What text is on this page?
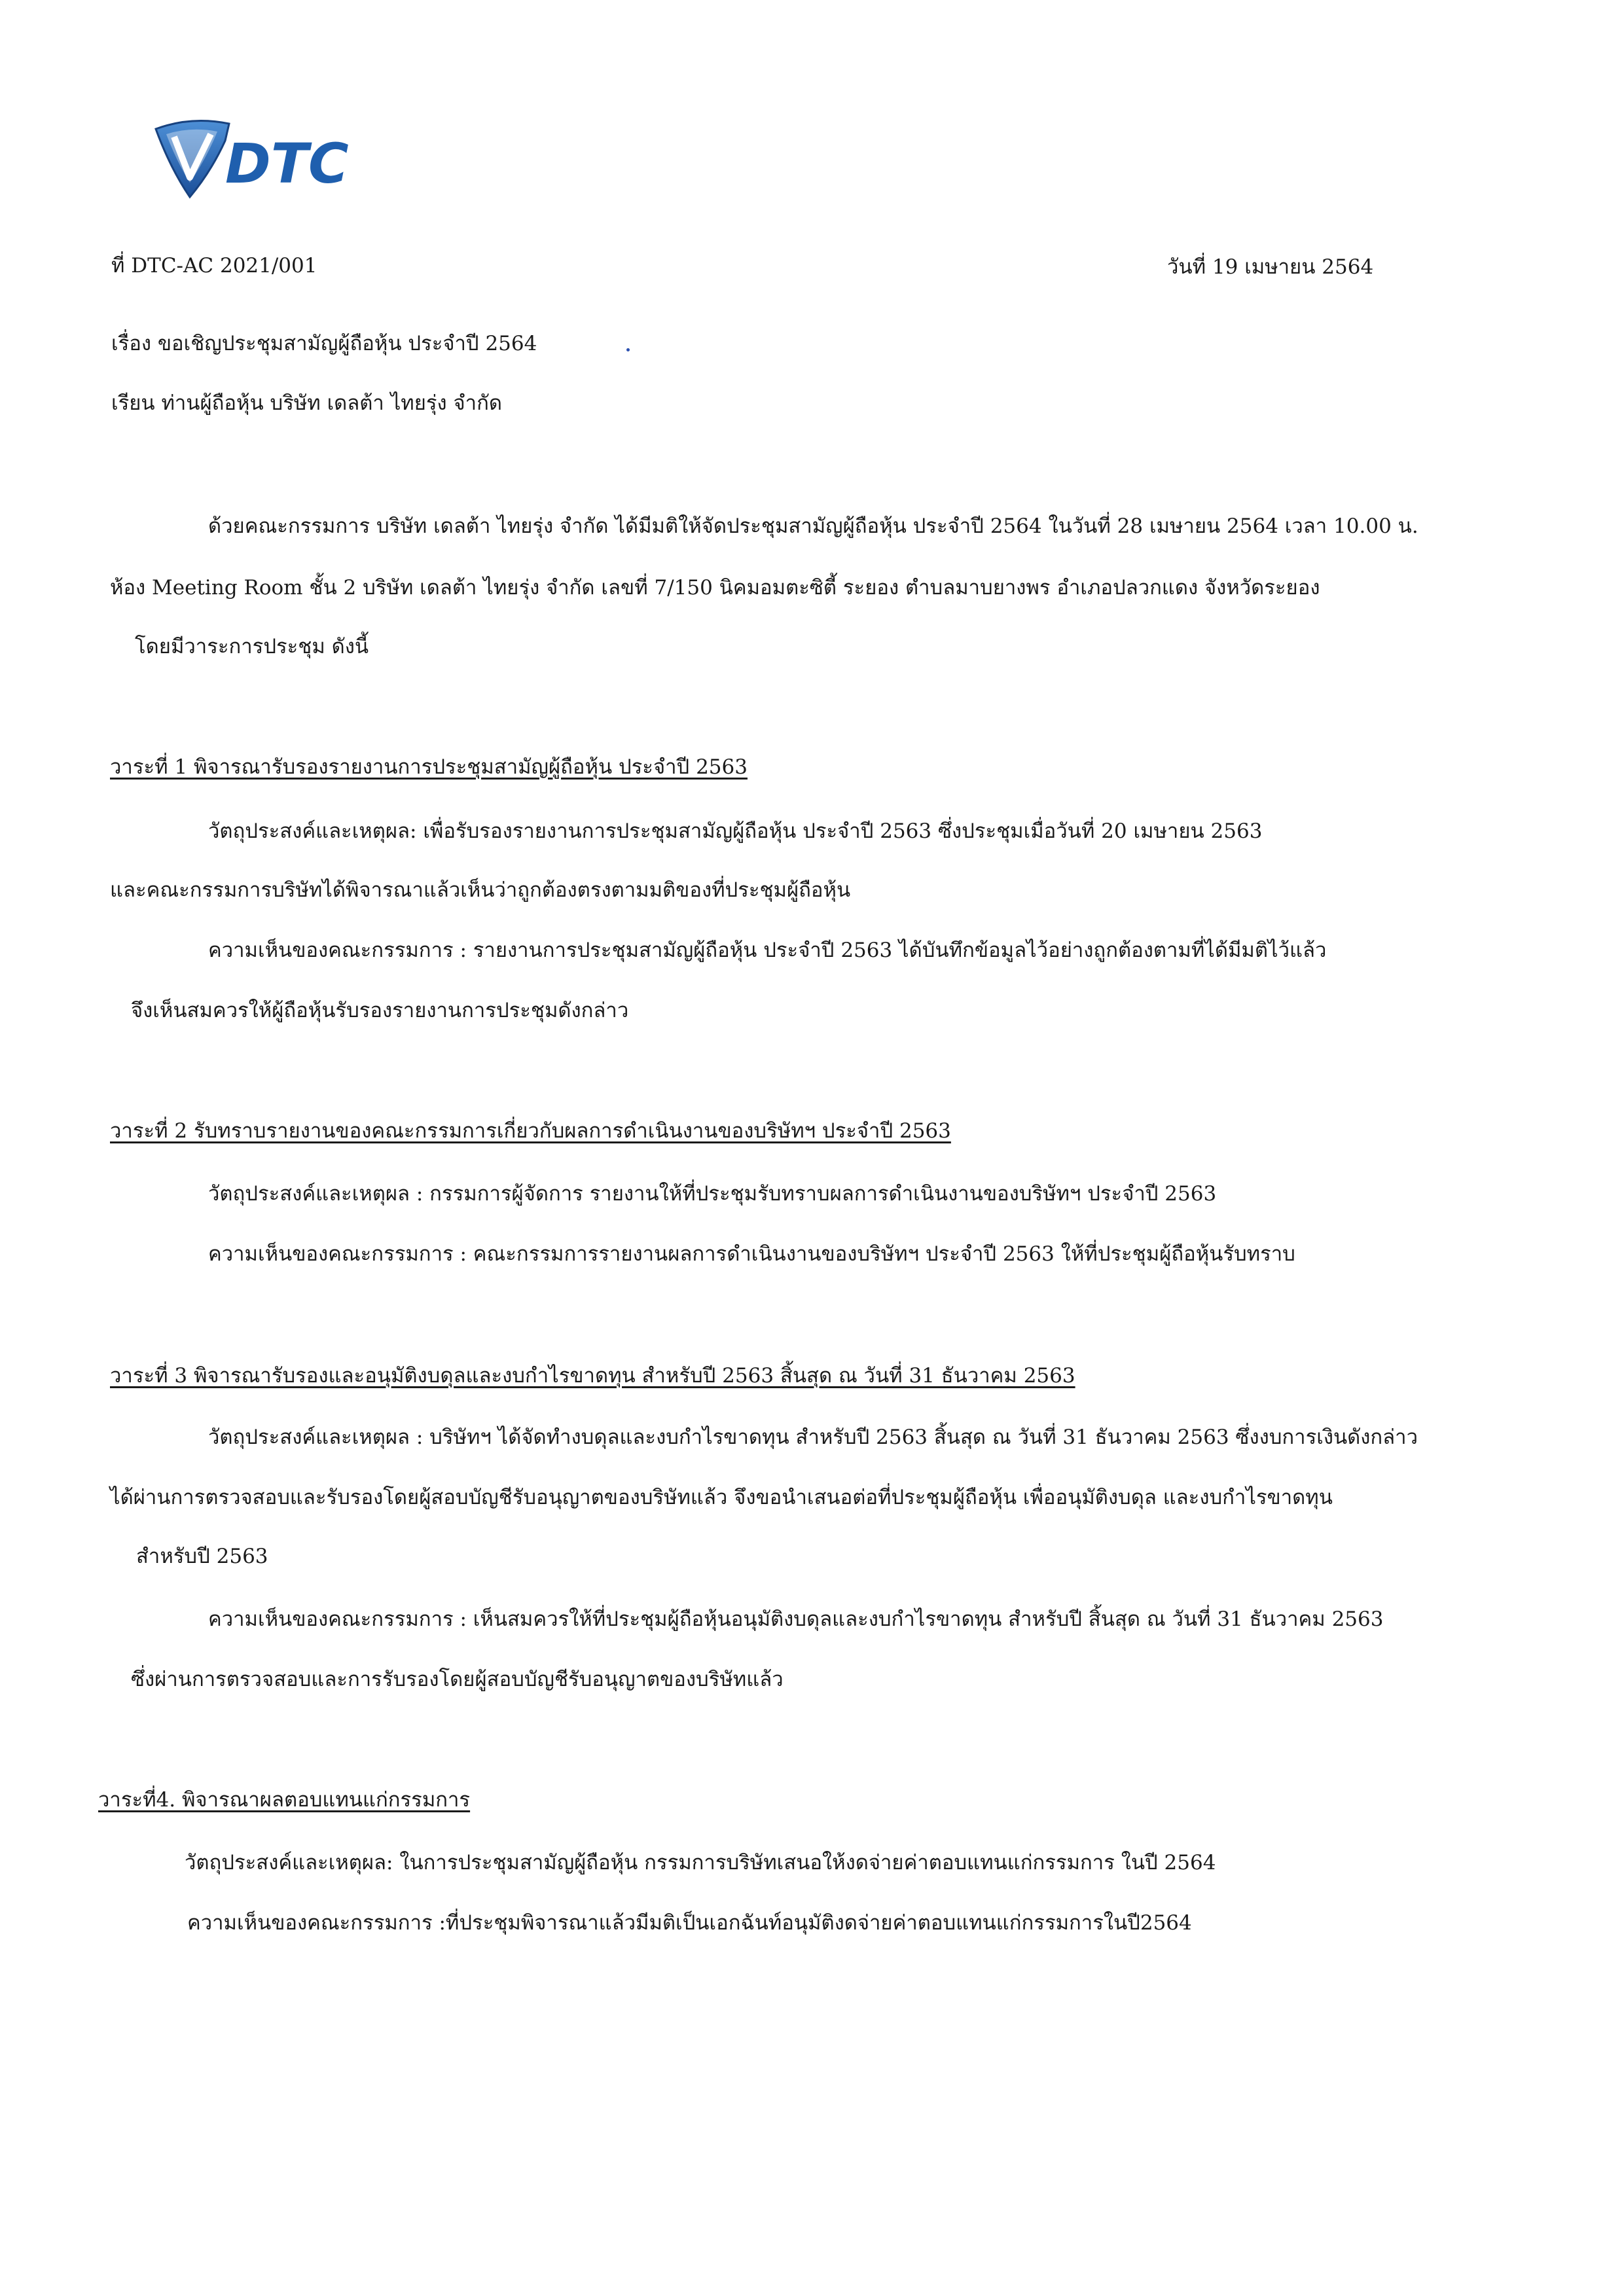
DTC
ที่ DTC-AC 2021/001	วันที่ 19 เมษายน 2564
เรื่อง ขอเชิญประชุมสามัญผู้ถือหุ้น ประจำปี 2564
เรียน ท่านผู้ถือหุ้น บริษัท เดลต้า ไทยรุ่ง จำกัด
ด้วยคณะกรรมการ บริษัท เดลต้า ไทยรุ่ง จำกัด ได้มีมติให้จัดประชุมสามัญผู้ถือหุ้น ประจำปี 2564 ในวันที่ 28 เมษายน 2564 เวลา 10.00 น.
ห้อง Meeting Room ชั้น 2 บริษัท เดลต้า ไทยรุ่ง จำกัด เลขที่ 7/150 นิคมอมตะซิตี้ ระยอง ตำบลมาบยางพร อำเภอปลวกแดง จังหวัดระยอง
โดยมีวาระการประชุม ดังนี้
วาระที่ 1 พิจารณารับรองรายงานการประชุมสามัญผู้ถือหุ้น ประจำปี 2563
วัตถุประสงค์และเหตุผล: เพื่อรับรองรายงานการประชุมสามัญผู้ถือหุ้น ประจำปี 2563 ซึ่งประชุมเมื่อวันที่ 20 เมษายน 2563
และคณะกรรมการบริษัทได้พิจารณาแล้วเห็นว่าถูกต้องตรงตามมติของที่ประชุมผู้ถือหุ้น
ความเห็นของคณะกรรมการ : รายงานการประชุมสามัญผู้ถือหุ้น ประจำปี 2563 ได้บันทึกข้อมูลไว้อย่างถูกต้องตามที่ได้มีมติไว้แล้ว
จึงเห็นสมควรให้ผู้ถือหุ้นรับรองรายงานการประชุมดังกล่าว
วาระที่ 2 รับทราบรายงานของคณะกรรมการเกี่ยวกับผลการดำเนินงานของบริษัทฯ ประจำปี 2563
วัตถุประสงค์และเหตุผล : กรรมการผู้จัดการ รายงานให้ที่ประชุมรับทราบผลการดำเนินงานของบริษัทฯ ประจำปี 2563
ความเห็นของคณะกรรมการ : คณะกรรมการรายงานผลการดำเนินงานของบริษัทฯ ประจำปี 2563 ให้ที่ประชุมผู้ถือหุ้นรับทราบ
วาระที่ 3 พิจารณารับรองและอนุมัติงบดุลและงบกำไรขาดทุน สำหรับปี 2563 สิ้นสุด ณ วันที่ 31 ธันวาคม 2563
วัตถุประสงค์และเหตุผล : บริษัทฯ ได้จัดทำงบดุลและงบกำไรขาดทุน สำหรับปี 2563 สิ้นสุด ณ วันที่ 31 ธันวาคม 2563 ซึ่งงบการเงินดังกล่าว
ได้ผ่านการตรวจสอบและรับรองโดยผู้สอบบัญชีรับอนุญาตของบริษัทแล้ว จึงขอนำเสนอต่อที่ประชุมผู้ถือหุ้น เพื่ออนุมัติงบดุล และงบกำไรขาดทุน
สำหรับปี 2563
ความเห็นของคณะกรรมการ : เห็นสมควรให้ที่ประชุมผู้ถือหุ้นอนุมัติงบดุลและงบกำไรขาดทุน สำหรับปี สิ้นสุด ณ วันที่ 31 ธันวาคม 2563
ซึ่งผ่านการตรวจสอบและการรับรองโดยผู้สอบบัญชีรับอนุญาตของบริษัทแล้ว
วาระที่4. พิจารณาผลตอบแทนแก่กรรมการ
วัตถุประสงค์และเหตุผล: ในการประชุมสามัญผู้ถือหุ้น กรรมการบริษัทเสนอให้งดจ่ายค่าตอบแทนแก่กรรมการ ในปี 2564
ความเห็นของคณะกรรมการ :ที่ประชุมพิจารณาแล้วมีมติเป็นเอกฉันท์อนุมัติงดจ่ายค่าตอบแทนแก่กรรมการในปี2564
